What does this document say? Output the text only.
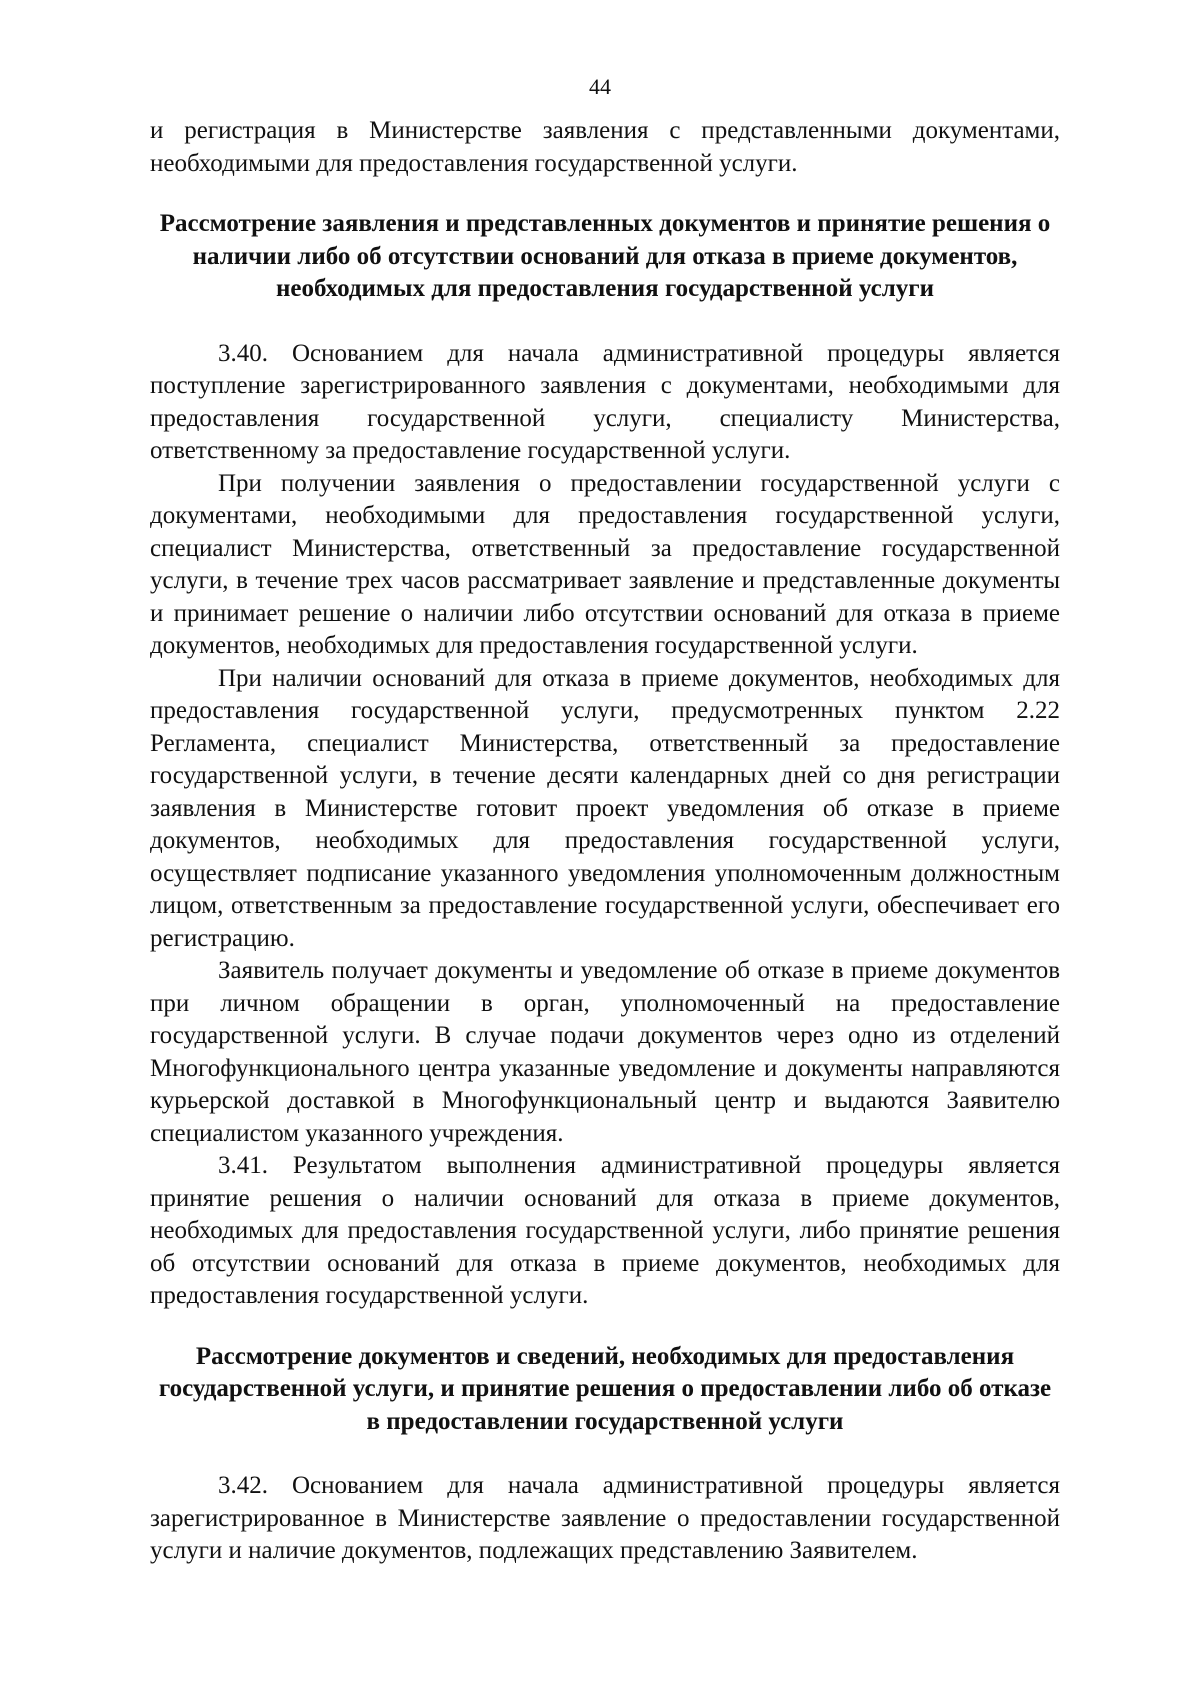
44

и регистрация в Министерстве заявления с представленными документами, необходимыми для предоставления государственной услуги.

Рассмотрение заявления и представленных документов и принятие решения о наличии либо об отсутствии оснований для отказа в приеме документов, необходимых для предоставления государственной услуги

3.40. Основанием для начала административной процедуры является поступление зарегистрированного заявления с документами, необходимыми для предоставления государственной услуги, специалисту Министерства, ответственному за предоставление государственной услуги.

При получении заявления о предоставлении государственной услуги с документами, необходимыми для предоставления государственной услуги, специалист Министерства, ответственный за предоставление государственной услуги, в течение трех часов рассматривает заявление и представленные документы и принимает решение о наличии либо отсутствии оснований для отказа в приеме документов, необходимых для предоставления государственной услуги.

При наличии оснований для отказа в приеме документов, необходимых для предоставления государственной услуги, предусмотренных пунктом 2.22 Регламента, специалист Министерства, ответственный за предоставление государственной услуги, в течение десяти календарных дней со дня регистрации заявления в Министерстве готовит проект уведомления об отказе в приеме документов, необходимых для предоставления государственной услуги, осуществляет подписание указанного уведомления уполномоченным должностным лицом, ответственным за предоставление государственной услуги, обеспечивает его регистрацию.

Заявитель получает документы и уведомление об отказе в приеме документов при личном обращении в орган, уполномоченный на предоставление государственной услуги. В случае подачи документов через одно из отделений Многофункционального центра указанные уведомление и документы направляются курьерской доставкой в Многофункциональный центр и выдаются Заявителю специалистом указанного учреждения.

3.41. Результатом выполнения административной процедуры является принятие решения о наличии оснований для отказа в приеме документов, необходимых для предоставления государственной услуги, либо принятие решения об отсутствии оснований для отказа в приеме документов, необходимых для предоставления государственной услуги.

Рассмотрение документов и сведений, необходимых для предоставления государственной услуги, и принятие решения о предоставлении либо об отказе в предоставлении государственной услуги

3.42. Основанием для начала административной процедуры является зарегистрированное в Министерстве заявление о предоставлении государственной услуги и наличие документов, подлежащих представлению Заявителем.
